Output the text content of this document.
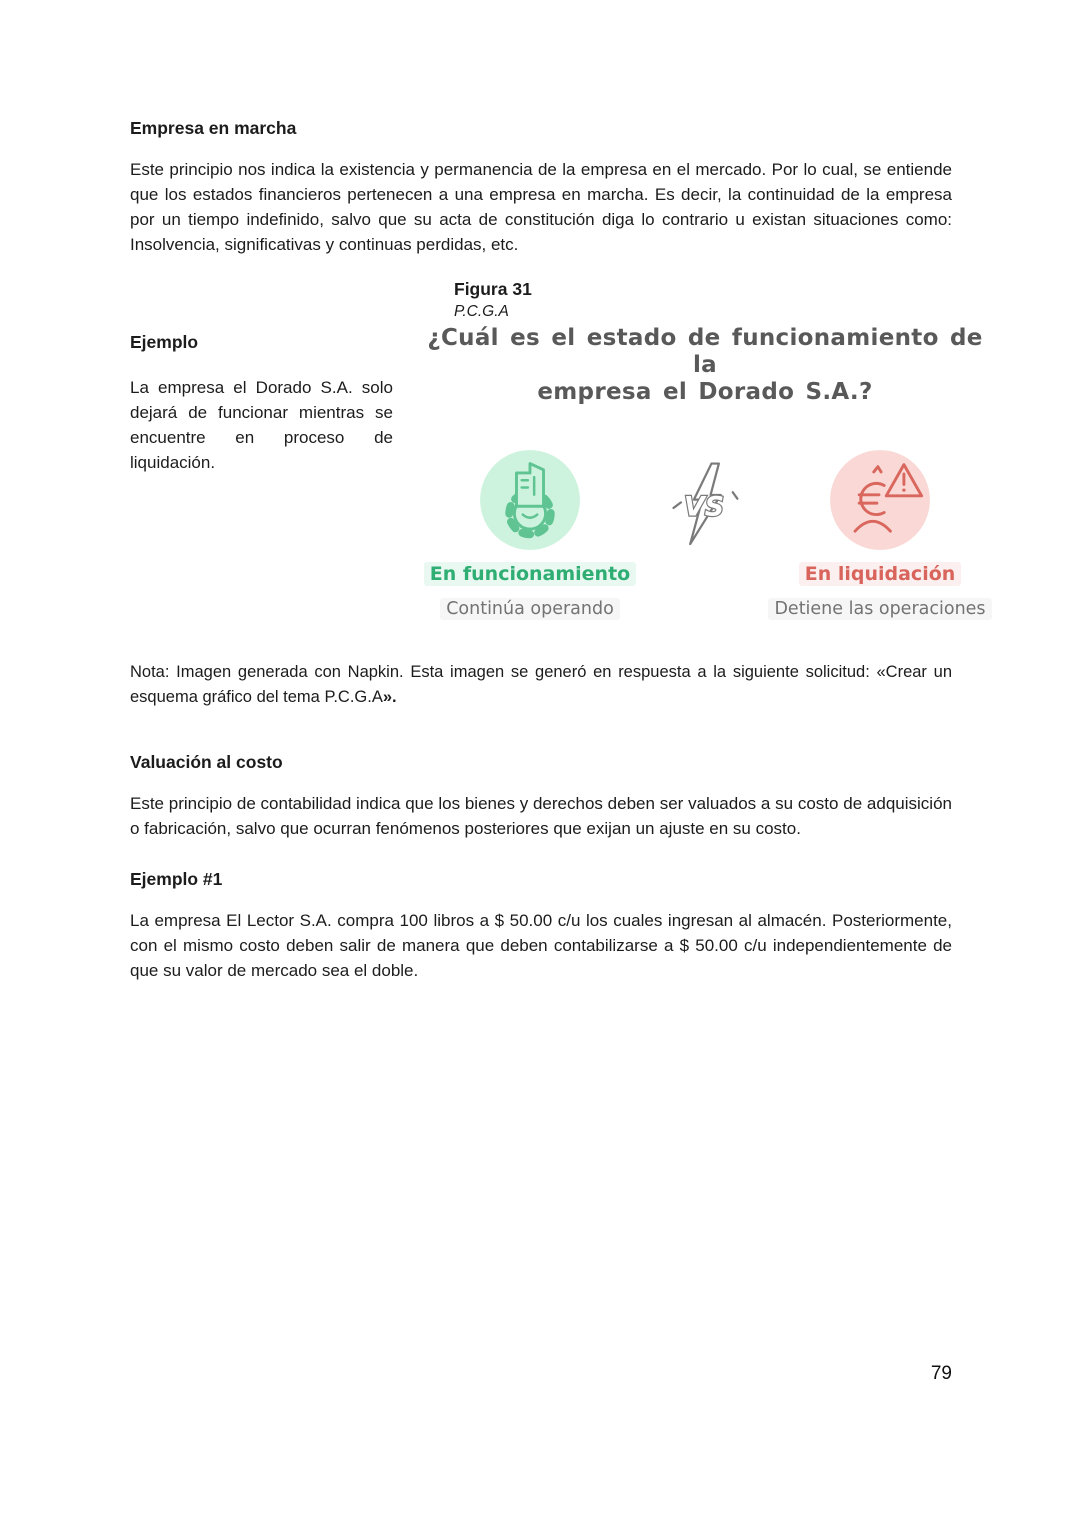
Empresa en marcha

Este principio nos indica la existencia y permanencia de la empresa en el mercado. Por lo cual, se entiende que los estados financieros pertenecen a una empresa en marcha. Es decir, la continuidad de la empresa por un tiempo indefinido, salvo que su acta de constitución diga lo contrario u existan situaciones como: Insolvencia, significativas y continuas perdidas, etc.

Ejemplo

La empresa el Dorado S.A. solo dejará de funcionar mientras se encuentre en proceso de liquidación.

Figura 31
P.C.G.A
¿Cuál es el estado de funcionamiento de la
empresa el Dorado S.A.?
En funcionamiento
Continúa operando
VS
En liquidación
Detiene las operaciones

Nota: Imagen generada con Napkin. Esta imagen se generó en respuesta a la siguiente solicitud: «Crear un esquema gráfico del tema P.C.G.A».

Valuación al costo

Este principio de contabilidad indica que los bienes y derechos deben ser valuados a su costo de adquisición o fabricación, salvo que ocurran fenómenos posteriores que exijan un ajuste en su costo.

Ejemplo #1

La empresa El Lector S.A. compra 100 libros a $ 50.00 c/u los cuales ingresan al almacén. Posteriormente, con el mismo costo deben salir de manera que deben contabilizarse a $ 50.00 c/u independientemente de que su valor de mercado sea el doble.

79
